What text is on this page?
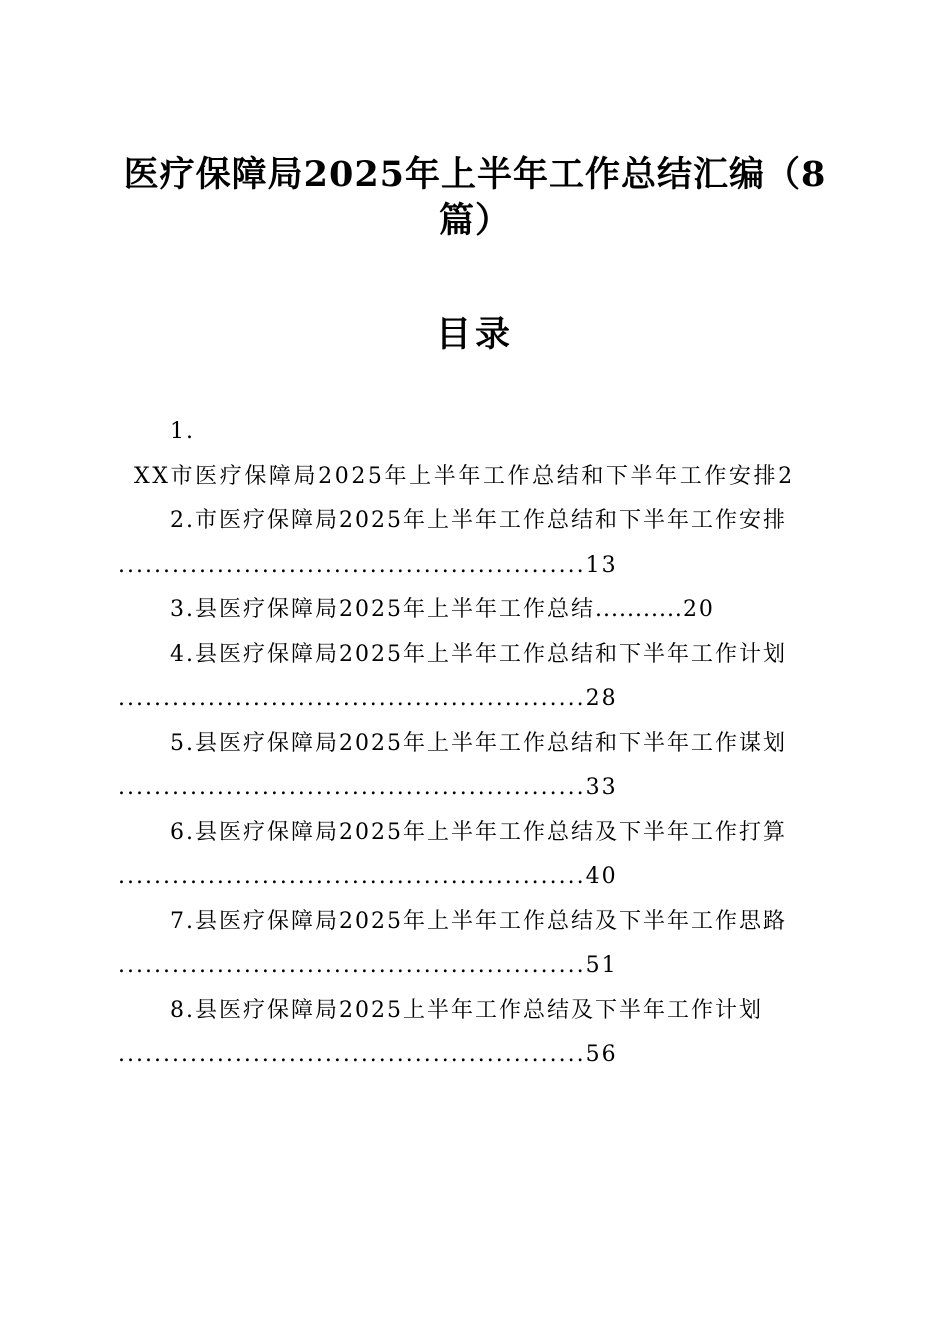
医疗保障局2025年上半年工作总结汇编（8篇）
目录
1.
XX市医疗保障局2025年上半年工作总结和下半年工作安排2
2.市医疗保障局2025年上半年工作总结和下半年工作安排
....................................................13
3.县医疗保障局2025年上半年工作总结...........20
4.县医疗保障局2025年上半年工作总结和下半年工作计划
....................................................28
5.县医疗保障局2025年上半年工作总结和下半年工作谋划
....................................................33
6.县医疗保障局2025年上半年工作总结及下半年工作打算
....................................................40
7.县医疗保障局2025年上半年工作总结及下半年工作思路
....................................................51
8.县医疗保障局2025上半年工作总结及下半年工作计划
....................................................56
